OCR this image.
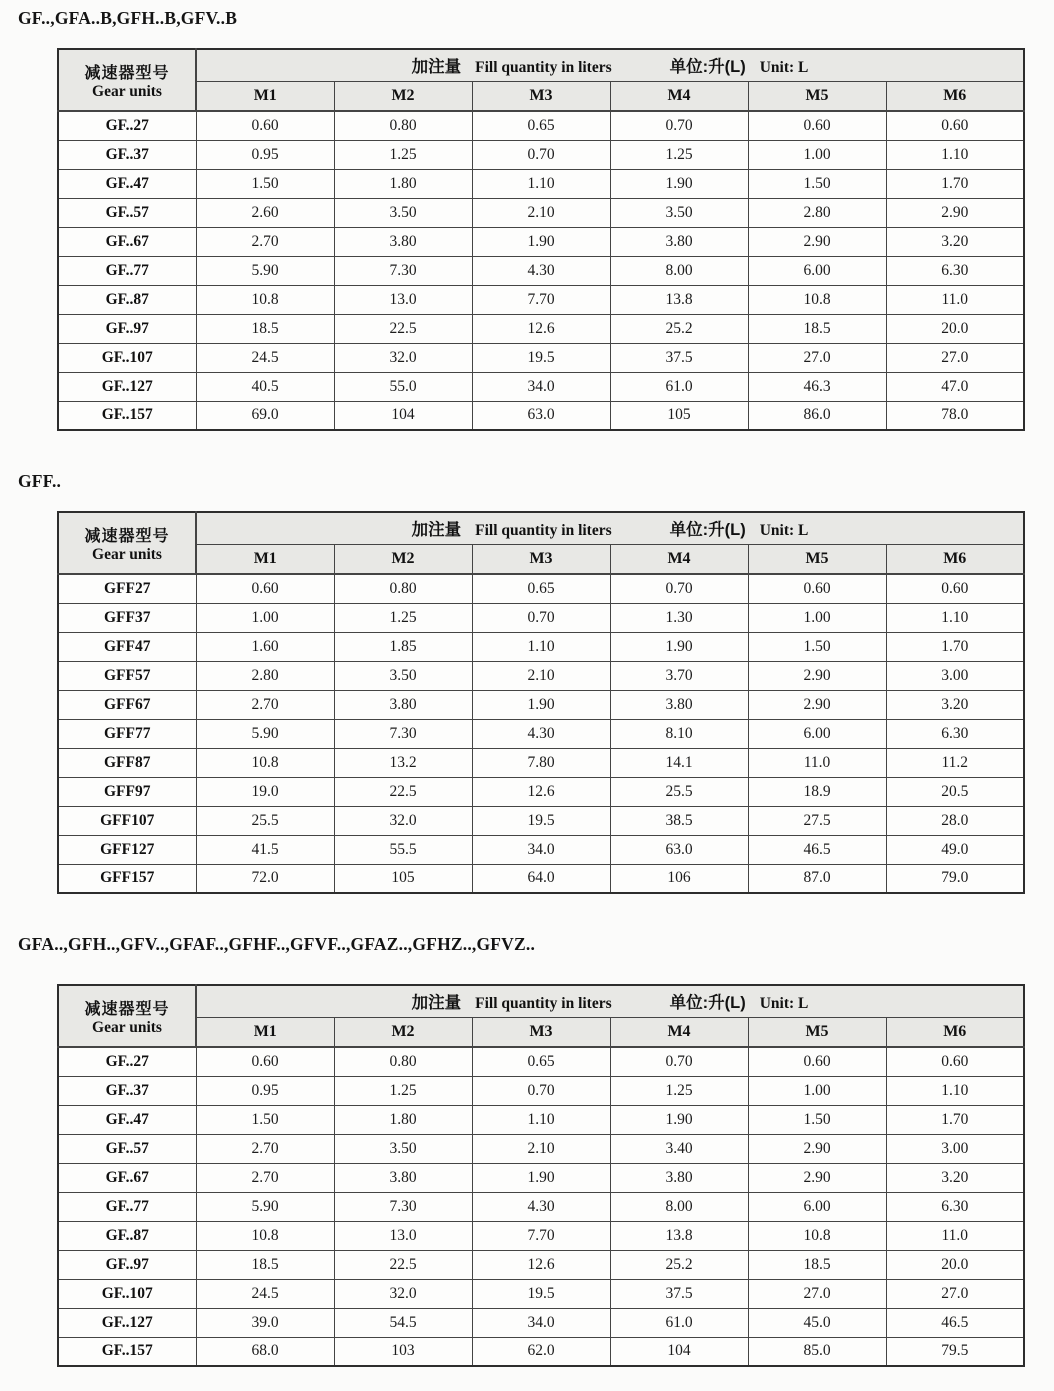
GF..,GFA..B,GFH..B,GFV..B
减速器型号
Gear units	加注量 Fill quantity in liters 单位:升(L) Unit: L					
	M1	M2	M3	M4	M5	M6
GF..27	0.60	0.80	0.65	0.70	0.60	0.60
GF..37	0.95	1.25	0.70	1.25	1.00	1.10
GF..47	1.50	1.80	1.10	1.90	1.50	1.70
GF..57	2.60	3.50	2.10	3.50	2.80	2.90
GF..67	2.70	3.80	1.90	3.80	2.90	3.20
GF..77	5.90	7.30	4.30	8.00	6.00	6.30
GF..87	10.8	13.0	7.70	13.8	10.8	11.0
GF..97	18.5	22.5	12.6	25.2	18.5	20.0
GF..107	24.5	32.0	19.5	37.5	27.0	27.0
GF..127	40.5	55.0	34.0	61.0	46.3	47.0
GF..157	69.0	104	63.0	105	86.0	78.0
GFF..
减速器型号
Gear units	加注量 Fill quantity in liters 单位:升(L) Unit: L					
	M1	M2	M3	M4	M5	M6
GFF27	0.60	0.80	0.65	0.70	0.60	0.60
GFF37	1.00	1.25	0.70	1.30	1.00	1.10
GFF47	1.60	1.85	1.10	1.90	1.50	1.70
GFF57	2.80	3.50	2.10	3.70	2.90	3.00
GFF67	2.70	3.80	1.90	3.80	2.90	3.20
GFF77	5.90	7.30	4.30	8.10	6.00	6.30
GFF87	10.8	13.2	7.80	14.1	11.0	11.2
GFF97	19.0	22.5	12.6	25.5	18.9	20.5
GFF107	25.5	32.0	19.5	38.5	27.5	28.0
GFF127	41.5	55.5	34.0	63.0	46.5	49.0
GFF157	72.0	105	64.0	106	87.0	79.0
GFA..,GFH..,GFV..,GFAF..,GFHF..,GFVF..,GFAZ..,GFHZ..,GFVZ..
减速器型号
Gear units	加注量 Fill quantity in liters 单位:升(L) Unit: L					
	M1	M2	M3	M4	M5	M6
GF..27	0.60	0.80	0.65	0.70	0.60	0.60
GF..37	0.95	1.25	0.70	1.25	1.00	1.10
GF..47	1.50	1.80	1.10	1.90	1.50	1.70
GF..57	2.70	3.50	2.10	3.40	2.90	3.00
GF..67	2.70	3.80	1.90	3.80	2.90	3.20
GF..77	5.90	7.30	4.30	8.00	6.00	6.30
GF..87	10.8	13.0	7.70	13.8	10.8	11.0
GF..97	18.5	22.5	12.6	25.2	18.5	20.0
GF..107	24.5	32.0	19.5	37.5	27.0	27.0
GF..127	39.0	54.5	34.0	61.0	45.0	46.5
GF..157	68.0	103	62.0	104	85.0	79.5
